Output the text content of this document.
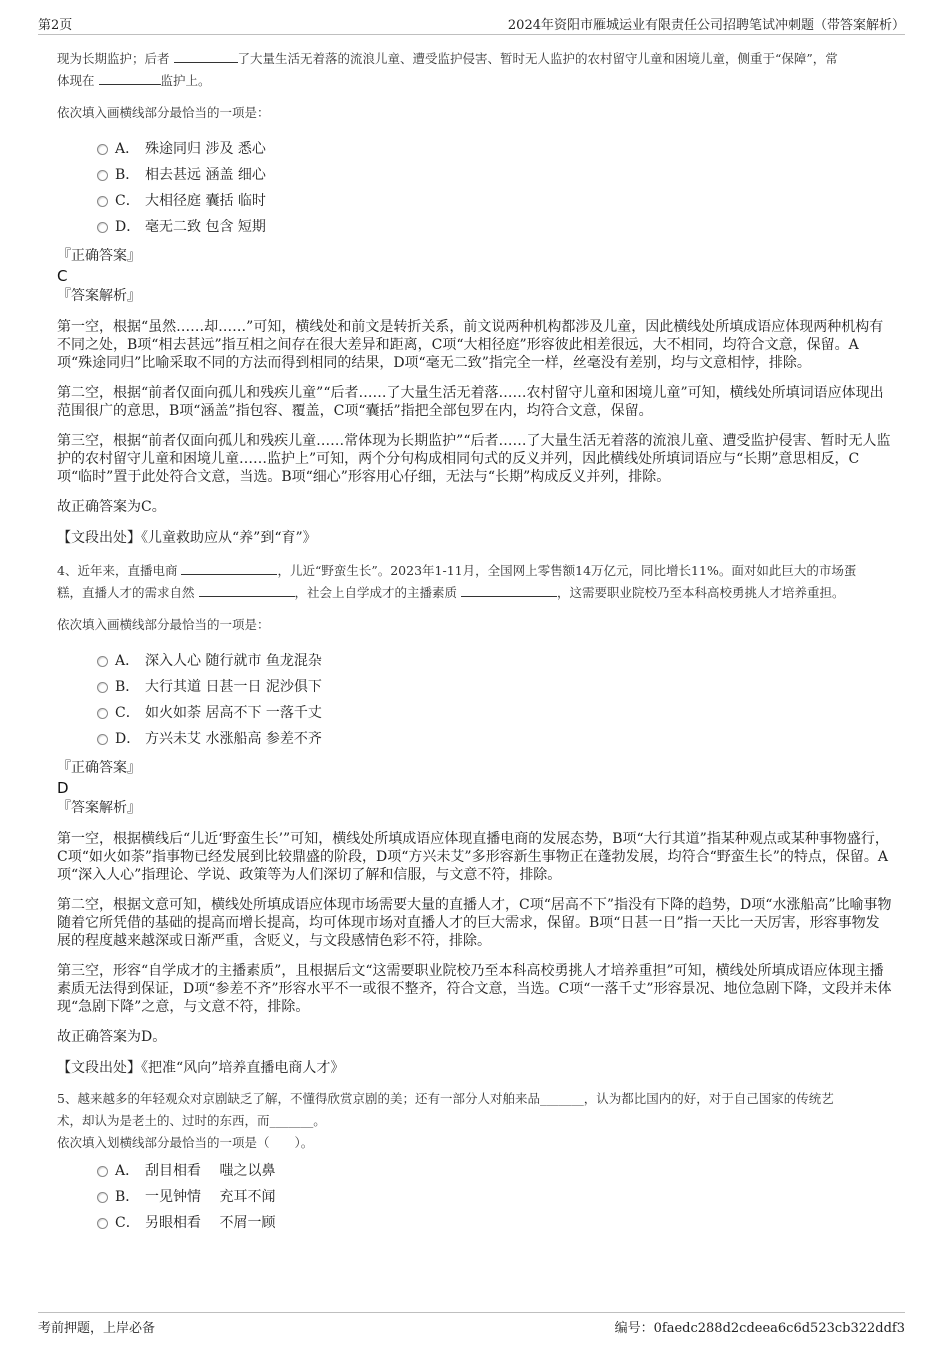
第2页	2024年资阳市雁城运业有限责任公司招聘笔试冲刺题（带答案解析）

现为长期监护；后者	了大量生活无着落的流浪儿童、遭受监护侵害、暂时无人监护的农村留守儿童和困境儿童，侧重于“保障”，常
体现在	监护上。

依次填入画横线部分最恰当的一项是：

A． 殊途同归 涉及 悉心
B． 相去甚远 涵盖 细心
C． 大相径庭 囊括 临时
D． 毫无二致 包含 短期

『正确答案』

C

『答案解析』

第一空，根据“虽然……却……”可知，横线处和前文是转折关系，前文说两种机构都涉及儿童，因此横线处所填成语应体现两种机构有不同之处，B项“相去甚远”指互相之间存在很大差异和距离，C项“大相径庭”形容彼此相差很远，大不相同，均符合文意，保留。A项“殊途同归”比喻采取不同的方法而得到相同的结果，D项“毫无二致”指完全一样，丝毫没有差别，均与文意相悖，排除。

第二空，根据“前者仅面向孤儿和残疾儿童”“后者……了大量生活无着落……农村留守儿童和困境儿童”可知，横线处所填词语应体现出范围很广的意思，B项“涵盖”指包容、覆盖，C项“囊括”指把全部包罗在内，均符合文意，保留。

第三空，根据“前者仅面向孤儿和残疾儿童……常体现为长期监护”“后者……了大量生活无着落的流浪儿童、遭受监护侵害、暂时无人监护的农村留守儿童和困境儿童……监护上”可知，两个分句构成相同句式的反义并列，因此横线处所填词语应与“长期”意思相反，C项“临时”置于此处符合文意，当选。B项“细心”形容用心仔细，无法与“长期”构成反义并列，排除。

故正确答案为C。

【文段出处】《儿童救助应从“养”到“育”》

4、近年来，直播电商	，儿近“野蛮生长”。2023年1-11月，全国网上零售额14万亿元，同比增长11%。面对如此巨大的市场蛋
糕，直播人才的需求自然	，社会上自学成才的主播素质	，这需要职业院校乃至本科高校勇挑人才培养重担。

依次填入画横线部分最恰当的一项是：

A． 深入人心 随行就市 鱼龙混杂
B． 大行其道 日甚一日 泥沙俱下
C． 如火如荼 居高不下 一落千丈
D． 方兴未艾 水涨船高 参差不齐

『正确答案』

D

『答案解析』

第一空，根据横线后“儿近‘野蛮生长’”可知，横线处所填成语应体现直播电商的发展态势，B项“大行其道”指某种观点或某种事物盛行，C项“如火如荼”指事物已经发展到比较鼎盛的阶段，D项“方兴未艾”多形容新生事物正在蓬勃发展，均符合“野蛮生长”的特点，保留。A项“深入人心”指理论、学说、政策等为人们深切了解和信服，与文意不符，排除。

第二空，根据文意可知，横线处所填成语应体现市场需要大量的直播人才，C项“居高不下”指没有下降的趋势，D项“水涨船高”比喻事物随着它所凭借的基础的提高而增长提高，均可体现市场对直播人才的巨大需求，保留。B项“日甚一日”指一天比一天厉害，形容事物发展的程度越来越深或日渐严重，含贬义，与文段感情色彩不符，排除。

第三空，形容“自学成才的主播素质”，且根据后文“这需要职业院校乃至本科高校勇挑人才培养重担”可知，横线处所填成语应体现主播素质无法得到保证，D项“参差不齐”形容水平不一或很不整齐，符合文意，当选。C项“一落千丈”形容景况、地位急剧下降，文段并未体现“急剧下降”之意，与文意不符，排除。

故正确答案为D。

【文段出处】《把准“风向”培养直播电商人才》

5、越来越多的年轻观众对京剧缺乏了解，不懂得欣赏京剧的美；还有一部分人对舶来品_______，认为都比国内的好，对于自己国家的传统艺
术，却认为是老土的、过时的东西，而_______。

依次填入划横线部分最恰当的一项是（　　）。

A． 刮目相看　 嗤之以鼻
B． 一见钟情　 充耳不闻
C． 另眼相看　 不屑一顾
考前押题，上岸必备	编号：0faedc288d2cdeea6c6d523cb322ddf3
